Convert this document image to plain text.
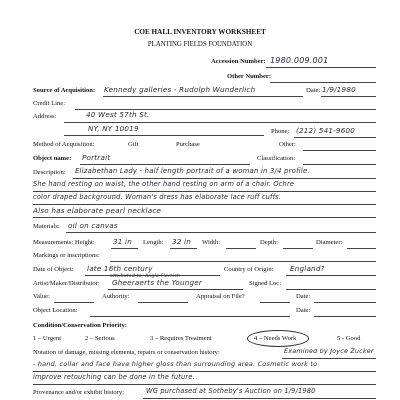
COE HALL INVENTORY WORKSHEET
PLANTING FIELDS FOUNDATION
Accession Number: 1980.009.001
Other Number:
Source of Acquisition: Kennedy galleries - Rudolph Wunderlich	Date: 1/9/1980
Credit Line:
Address:	40 West 57th St.
NY, NY 10019	Phone: (212) 541-9600
Method of Acquisition:	Gift	Purchase	Other:
Object name: Portrait	Classification:
Description: Elizabethan Lady - half length portrait of a woman in 3/4 profile.
She hand resting on waist, the other hand resting on arm of a chair. Ochre
color draped background. Woman's dress has elaborate lace ruff cuffs.
Also has elaborate pearl necklace
Materials: oil on canvas
Measurements: Height:	31 in Length: 32 in Width:	Depth:	Diameter:
Markings or inscriptions:
Date of Object: late 16th century	Country of Origin: England?
attributed to, Anglo-Flemish
Artist/Maker/Distributor: Gheeraerts the Younger	Signed Loc:
Value:	Authority:	Appraisal on File?	Date:
Object Location:	Date:
Condition/Conservation Priority:
1 – Urgent	2 – Serious	3 – Requires Treatment	4 – Needs Work	5 - Good
Notation of damage, missing elements, repairs or conservation history:	Examined by Joyce Zucker
- hand, collar and face have higher gloss than surrounding area. Cosmetic work to
improve retouching can be done in the future.
Provenance and/or exhibit history:	WG purchased at Sotheby's Auction on 1/9/1980
